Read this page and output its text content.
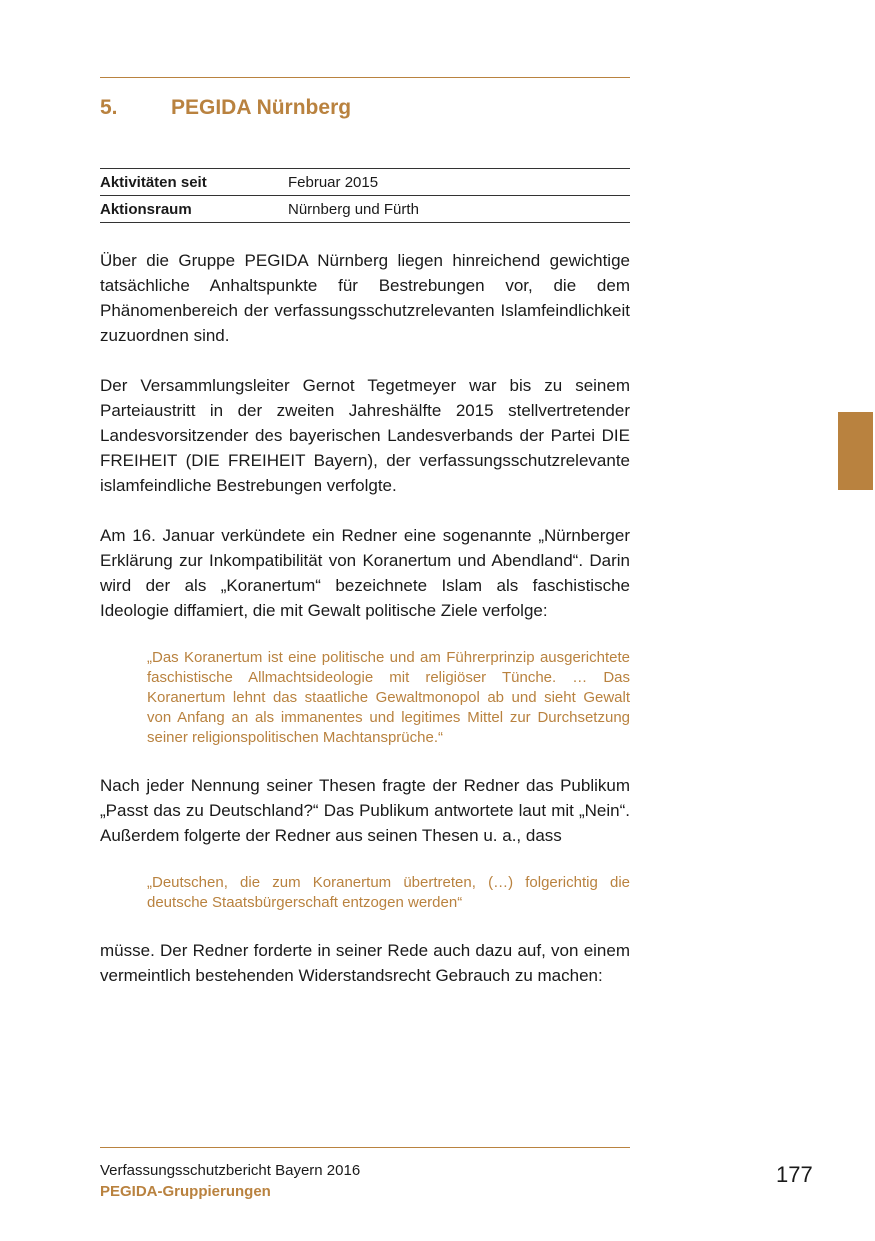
5.	PEGIDA Nürnberg
Aktivitäten seit	Februar 2015
Aktionsraum	Nürnberg und Fürth

Über die Gruppe PEGIDA Nürnberg liegen hinreichend gewichtige tatsächliche Anhaltspunkte für Bestrebungen vor, die dem Phänomenbereich der verfassungsschutzrelevanten Islamfeindlichkeit zuzuordnen sind.

Der Versammlungsleiter Gernot Tegetmeyer war bis zu seinem Parteiaustritt in der zweiten Jahreshälfte 2015 stellvertretender Landesvorsitzender des bayerischen Landesverbands der Partei DIE FREIHEIT (DIE FREIHEIT Bayern), der verfassungsschutzrelevante islamfeindliche Bestrebungen verfolgte.

Am 16. Januar verkündete ein Redner eine sogenannte „Nürnberger Erklärung zur Inkompatibilität von Koranertum und Abendland“. Darin wird der als „Koranertum“ bezeichnete Islam als faschistische Ideologie diffamiert, die mit Gewalt politische Ziele verfolge:

„Das Koranertum ist eine politische und am Führerprinzip ausgerichtete faschistische Allmachtsideologie mit religiöser Tünche. … Das Koranertum lehnt das staatliche Gewaltmonopol ab und sieht Gewalt von Anfang an als immanentes und legitimes Mittel zur Durchsetzung seiner religionspolitischen Machtansprüche.“

Nach jeder Nennung seiner Thesen fragte der Redner das Publikum „Passt das zu Deutschland?“ Das Publikum antwortete laut mit „Nein“. Außerdem folgerte der Redner aus seinen Thesen u. a., dass

„Deutschen, die zum Koranertum übertreten, (…) folgerichtig die deutsche Staatsbürgerschaft entzogen werden“

müsse. Der Redner forderte in seiner Rede auch dazu auf, von einem vermeintlich bestehenden Widerstandsrecht Gebrauch zu machen:

Verfassungsschutzbericht Bayern 2016
PEGIDA-Gruppierungen
177
